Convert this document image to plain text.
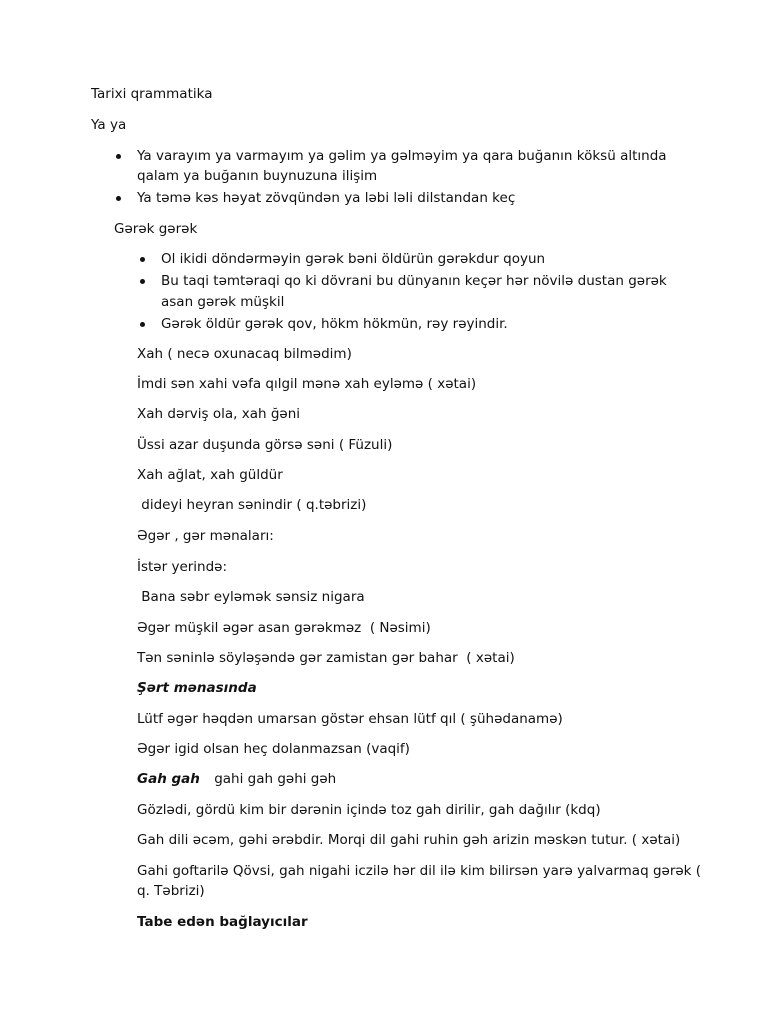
Tarixi qrammatika
Ya ya
Ya varayım ya varmayım ya gəlim ya gəlməyim ya qara buğanın köksü altında
qalam ya buğanın buynuzuna ilişim
Ya təmə kəs həyat zövqündən ya ləbi ləli dilstandan keç
Gərək gərək
Ol ikidi döndərməyin gərək bəni öldürün gərəkdur qoyun
Bu taqi təmtəraqi qo ki dövrani bu dünyanın keçər hər növilə dustan gərək
asan gərək müşkil
Gərək öldür gərək qov, hökm hökmün, rəy rəyindir.
Xah ( necə oxunacaq bilmədim)
İmdi sən xahi vəfa qılgil mənə xah eyləmə ( xətai)
Xah dərviş ola, xah ğəni
Üssi azar duşunda görsə səni ( Füzuli)
Xah ağlat, xah güldür
dideyi heyran sənindir ( q.təbrizi)
Əgər , gər mənaları:
İstər yerində:
Bana səbr eyləmək sənsiz nigara
Əgər müşkil əgər asan gərəkməz  ( Nəsimi)
Tən səninlə söyləşəndə gər zamistan gər bahar  ( xətai)
Şərt mənasında
Lütf əgər həqdən umarsan göstər ehsan lütf qıl ( şühədanamə)
Əgər igid olsan heç dolanmazsan (vaqif)
Gah gah gahi gah gəhi gəh
Gözlədi, gördü kim bir dərənin içində toz gah dirilir, gah dağılır (kdq)
Gah dili əcəm, gəhi ərəbdir. Morqi dil gahi ruhin gəh arizin məskən tutur. ( xətai)
Gahi goftarilə Qövsi, gah nigahi iczilə hər dil ilə kim bilirsən yarə yalvarmaq gərək (
q. Təbrizi)
Tabe edən bağlayıcılar
